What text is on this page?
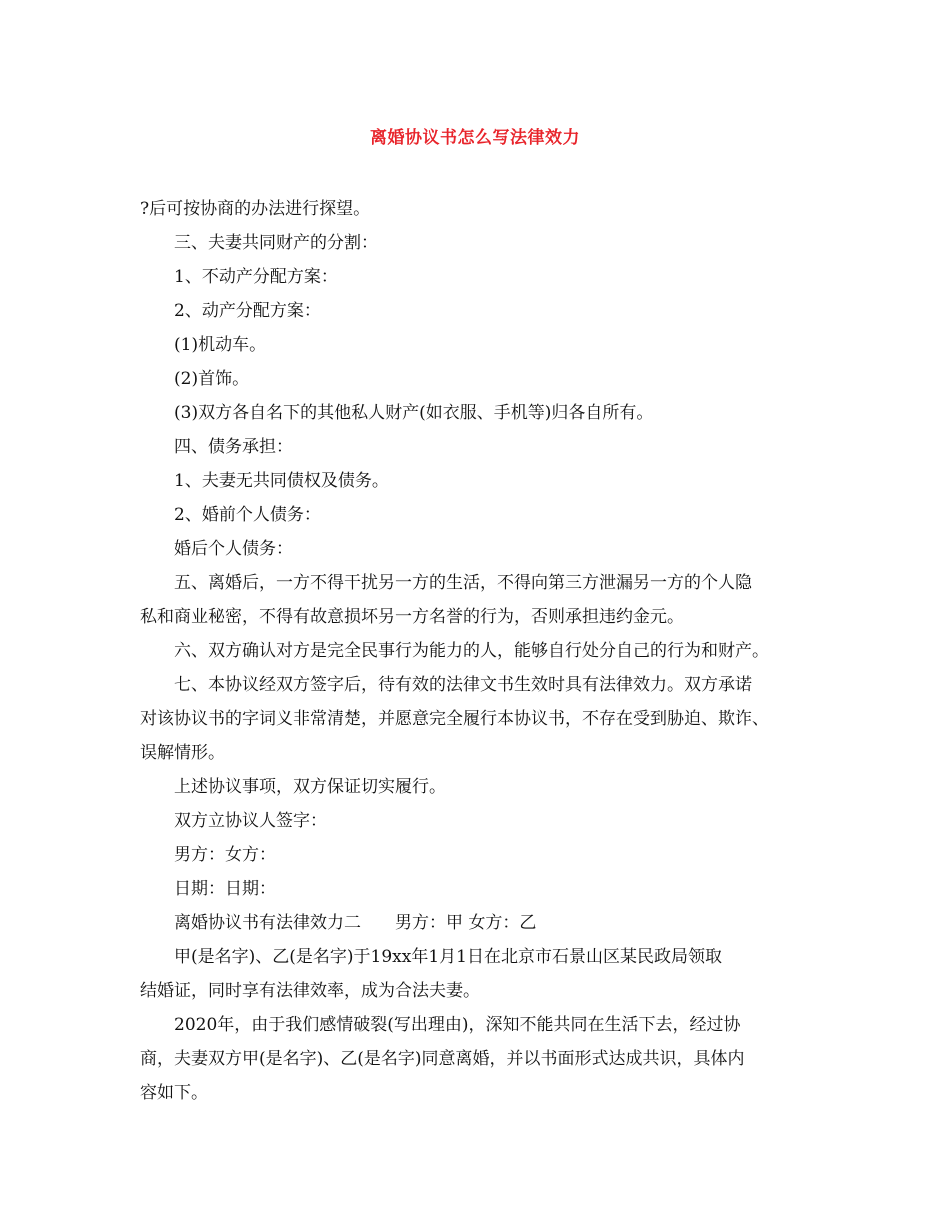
离婚协议书怎么写法律效力

?后可按协商的办法进行探望。

三、夫妻共同财产的分割：

1、不动产分配方案：

2、动产分配方案：

(1)机动车。

(2)首饰。

(3)双方各自名下的其他私人财产(如衣服、手机等)归各自所有。

四、债务承担：

1、夫妻无共同债权及债务。

2、婚前个人债务：

婚后个人债务：

五、离婚后，一方不得干扰另一方的生活，不得向第三方泄漏另一方的个人隐

私和商业秘密，不得有故意损坏另一方名誉的行为，否则承担违约金元。

六、双方确认对方是完全民事行为能力的人，能够自行处分自己的行为和财产。

七、本协议经双方签字后，待有效的法律文书生效时具有法律效力。双方承诺

对该协议书的字词义非常清楚，并愿意完全履行本协议书，不存在受到胁迫、欺诈、

误解情形。

上述协议事项，双方保证切实履行。

双方立协议人签字：

男方：女方：

日期：日期：

离婚协议书有法律效力二　　男方：甲 女方：乙

甲(是名字)、乙(是名字)于19xx年1月1日在北京市石景山区某民政局领取

结婚证，同时享有法律效率，成为合法夫妻。

2020年，由于我们感情破裂(写出理由)，深知不能共同在生活下去，经过协

商，夫妻双方甲(是名字)、乙(是名字)同意离婚，并以书面形式达成共识，具体内

容如下。
